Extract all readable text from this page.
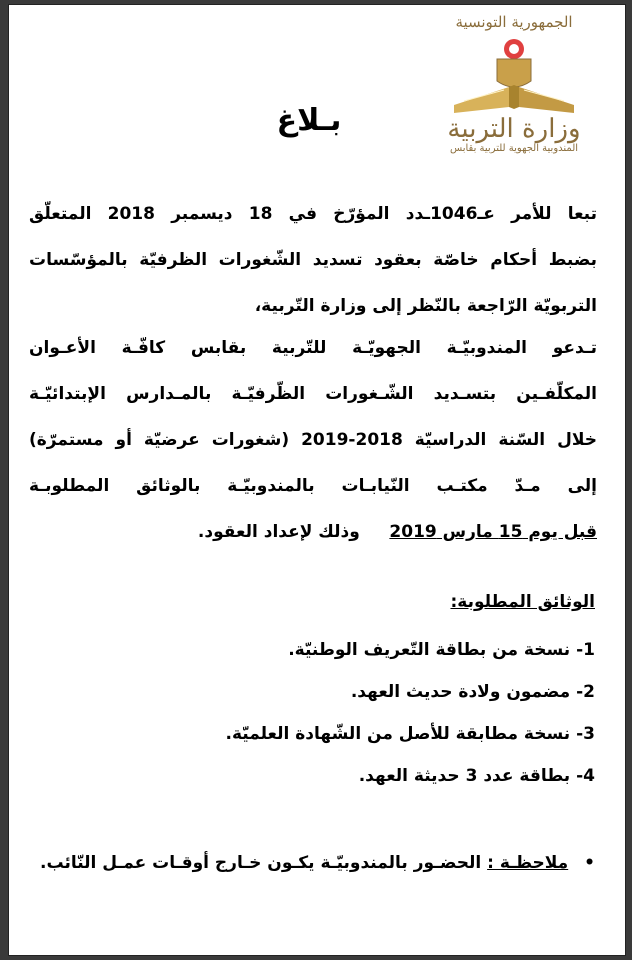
الجمهورية التونسية
وزارة التربية
المندوبية الجهوية للتربية بقابس
بـلاغ
تبعا للأمر عـ1046ـدد المؤرّخ في 18 ديسمبر 2018 المتعلّق
بضبط أحكام خاصّة بعقود تسديد الشّغورات الظرفيّة بالمؤسّسات
التربويّة الرّاجعة بالنّظر إلى وزارة التّربية،
تـدعو المندوبيّـة الجهويّـة للتّربية بقابس كافّـة الأعـوان
المكلّفـين بتسـديد الشّـغورات الظّرفيّـة بالمـدارس الإبتدائيّـة
خلال السّنة الدراسيّة 2018-2019 (شغورات عرضيّة أو مستمرّة)
إلى مـدّ مكتـب النّيابـات بالمندوبيّـة بالوثائق المطلوبـة
قبل يوم 15 مارس 2019     وذلك لإعداد العقود.
الوثائق المطلوبة:
1- نسخة من بطاقة التّعريف الوطنيّة.
2- مضمون ولادة حديث العهد.
3- نسخة مطابقة للأصل من الشّهادة العلميّة.
4- بطاقة عدد 3 حديثة العهد.
• ملاحظـة : الحضـور بالمندوبيّـة يكـون خـارج أوقـات عمـل النّائب.
